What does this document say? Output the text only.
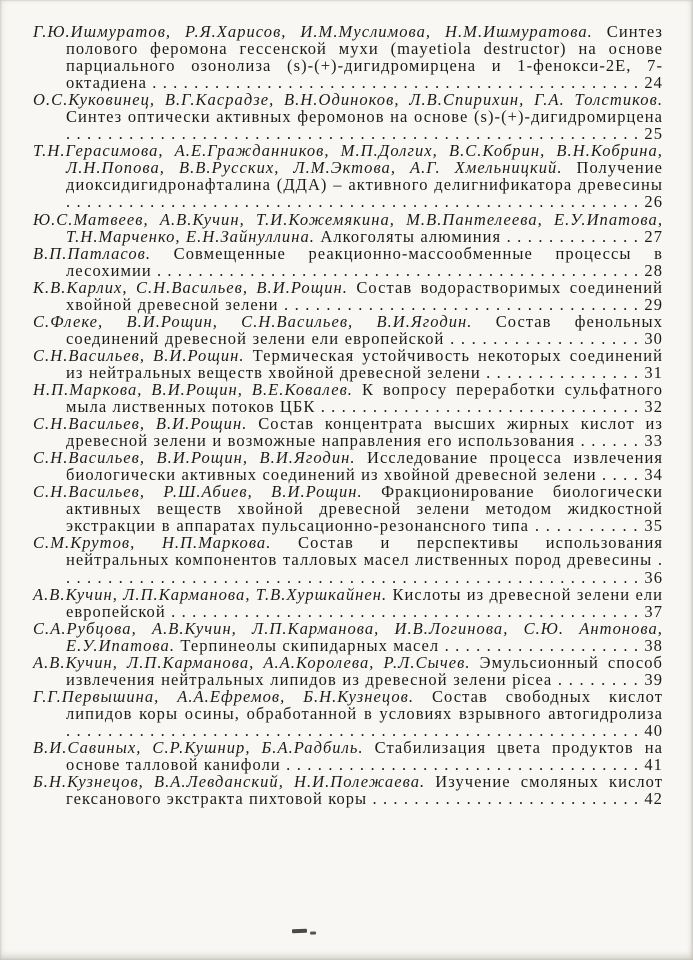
Г.Ю.Ишмуратов, Р.Я.Харисов, И.М.Муслимова, Н.М.Ишмуратова. Синтез полового феромона гессенской мухи (mayetiola destructor) на основе парциального озонолиза (s)-(+)-дигидромирцена и 1-фенокси-2Е, 7-октадиена . . . . . . . . . . . . . . . . . . . . . . . . . . . . . . . . . . . . . . . . . . . . . . . 24

О.С.Куковинец, В.Г.Касрадзе, В.Н.Одиноков, Л.В.Спирихин, Г.А. Толстиков. Синтез оптически активных феромонов на основе (s)-(+)-дигидромирцена . . . . . . . . . . . . . . . . . . . . . . . . . . . . . . . . . . . . . . . . . . . . . . . . . . . . . . . 25

Т.Н.Герасимова, А.Е.Гражданников, М.П.Долгих, В.С.Кобрин, В.Н.Кобрина, Л.Н.Попова, В.В.Русских, Л.М.Эктова, А.Г. Хмельницкий. Получение диоксидигидронафталина (ДДА) – активного делигнификатора древесины . . . . . . . . . . . . . . . . . . . . . . . . . . . . . . . . . . . . . . . . . . . . . . . . . . . . . . . 26

Ю.С.Матвеев, А.В.Кучин, Т.И.Кожемякина, М.В.Пантелеева, Е.У.Ипатова, Т.Н.Марченко, Е.Н.Зайнуллина. Алкоголяты алюминия . . . . . . . . . . . . . 27

В.П.Патласов. Совмещенные реакционно-массообменные процессы в лесохимии . . . . . . . . . . . . . . . . . . . . . . . . . . . . . . . . . . . . . . . . . . . . . . . 28

К.В.Карлих, С.Н.Васильев, В.И.Рощин. Состав водорастворимых соединений хвойной древесной зелени . . . . . . . . . . . . . . . . . . . . . . . . . . . . . . . . . . 29

С.Флеке, В.И.Рощин, С.Н.Васильев, В.И.Ягодин. Состав фенольных соединений древесной зелени ели европейской . . . . . . . . . . . . . . . . . . 30

С.Н.Васильев, В.И.Рощин. Термическая устойчивость некоторых соединений из нейтральных веществ хвойной древесной зелени . . . . . . . . . . . . . . . 31

Н.П.Маркова, В.И.Рощин, В.Е.Ковалев. К вопросу переработки сульфатного мыла лиственных потоков ЦБК . . . . . . . . . . . . . . . . . . . . . . . . . . . . . . . 32

С.Н.Васильев, В.И.Рощин. Состав концентрата высших жирных кислот из древесной зелени и возможные направления его использования . . . . . . 33

С.Н.Васильев, В.И.Рощин, В.И.Ягодин. Исследование процесса извлечения биологически активных соединений из хвойной древесной зелени . . . . 34

С.Н.Васильев, Р.Ш.Абиев, В.И.Рощин. Фракционирование биологически активных веществ хвойной древесной зелени методом жидкостной экстракции в аппаратах пульсационно-резонансного типа . . . . . . . . . . 35

С.М.Крутов, Н.П.Маркова. Состав и перспективы использования нейтральных компонентов талловых масел лиственных пород древесины . . . . . . . . . . . . . . . . . . . . . . . . . . . . . . . . . . . . . . . . . . . . . . . . . . . . . . . . 36

А.В.Кучин, Л.П.Карманова, Т.В.Хуршкайнен. Кислоты из древесной зелени ели европейской . . . . . . . . . . . . . . . . . . . . . . . . . . . . . . . . . . . . . . . . . . . . . 37

С.А.Рубцова, А.В.Кучин, Л.П.Карманова, И.В.Логинова, С.Ю. Антонова, Е.У.Ипатова. Терпинеолы скипидарных масел . . . . . . . . . . . . . . . . . . . 38

А.В.Кучин, Л.П.Карманова, А.А.Королева, Р.Л.Сычев. Эмульсионный способ извлечения нейтральных липидов из древесной зелени picea . . . . . . . . 39

Г.Г.Первышина, А.А.Ефремов, Б.Н.Кузнецов. Состав свободных кислот липидов коры осины, обработанной в условиях взрывного автогидролиза . . . . . . . . . . . . . . . . . . . . . . . . . . . . . . . . . . . . . . . . . . . . . . . . . . . . . . . 40

В.И.Савиных, С.Р.Кушнир, Б.А.Радбиль. Стабилизация цвета продуктов на основе талловой канифоли . . . . . . . . . . . . . . . . . . . . . . . . . . . . . . . . . . 41

Б.Н.Кузнецов, В.А.Левданский, Н.И.Полежаева. Изучение смоляных кислот гексанового экстракта пихтовой коры . . . . . . . . . . . . . . . . . . . . . . . . . . 42
